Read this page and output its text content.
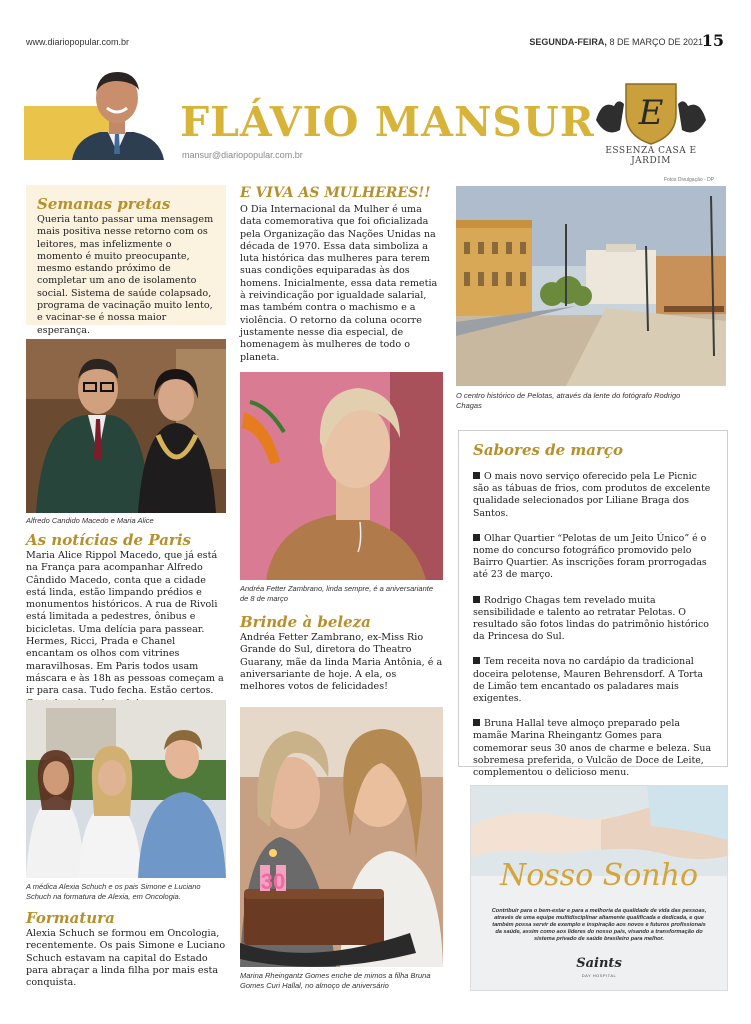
www.diariopopular.com.br	SEGUNDA-FEIRA, 8 DE MARÇO DE 2021
15
FLÁVIO MANSUR
mansur@diariopopular.com.br
E
ESSENZA CASA E JARDIM
Fotos Divulgação - DP
Semanas pretas
Queria tanto passar uma mensagem mais positiva nesse retorno com os leitores, mas infelizmente o momento é muito preocupante, mesmo estando próximo de completar um ano de isolamento social. Sistema de saúde colapsado, programa de vacinação muito lento, e vacinar-se é nossa maior esperança.
E VIVA AS MULHERES!!
O Dia Internacional da Mulher é uma data comemorativa que foi oficializada pela Organização das Nações Unidas na década de 1970. Essa data simboliza a luta histórica das mulheres para terem suas condições equiparadas às dos homens. Inicialmente, essa data remetia à reivindicação por igualdade salarial, mas também contra o machismo e a violência. O retorno da coluna ocorre justamente nesse dia especial, de homenagem às mulheres de todo o planeta.
O centro histórico de Pelotas, através da lente do fotógrafo Rodrigo Chagas
Alfredo Candido Macedo e Maria Alice
As notícias de Paris
Maria Alice Rippol Macedo, que já está na França para acompanhar Alfredo Cândido Macedo, conta que a cidade está linda, estão limpando prédios e monumentos históricos. A rua de Rivoli está limitada a pedestres, ônibus e bicicletas. Uma delícia para passear. Hermes, Ricci, Prada e Chanel encantam os olhos com vitrines maravilhosas. Em Paris todos usam máscara e às 18h as pessoas começam a ir para casa. Tudo fecha. Estão certos.
Andréa Fetter Zambrano, linda sempre, é a aniversariante de 8 de março
Brinde à beleza
Andréa Fetter Zambrano, ex-Miss Rio Grande do Sul, diretora do Theatro Guarany, mãe da linda Maria Antônia, é a aniversariante de hoje. A ela, os melhores votos de felicidades!
Sabores de março
O mais novo serviço oferecido pela Le Picnic são as tábuas de frios, com produtos de excelente qualidade selecionados por Liliane Braga dos Santos.
Olhar Quartier “Pelotas de um Jeito Único” é o nome do concurso fotográfico promovido pelo Bairro Quartier. As inscrições foram prorrogadas até 23 de março.
Rodrigo Chagas tem revelado muita sensibilidade e talento ao retratar Pelotas. O resultado são fotos lindas do patrimônio histórico da Princesa do Sul.
Tem receita nova no cardápio da tradicional doceira pelotense, Mauren Behrensdorf. A Torta de Limão tem encantado os paladares mais exigentes.
Bruna Hallal teve almoço preparado pela mamãe Marina Rheingantz Gomes para comemorar seus 30 anos de charme e beleza. Sua sobremesa preferida, o Vulcão de Doce de Leite, complementou o delicioso menu.
A médica Alexia Schuch e os pais Simone e Luciano Schuch na formatura de Alexia, em Oncologia.
Formatura
Alexia Schuch se formou em Oncologia, recentemente. Os pais Simone e Luciano Schuch estavam na capital do Estado para abraçar a linda filha por mais esta conquista.
30
Marina Rheingantz Gomes enche de mimos a filha Bruna Gomes Curi Hallal, no almoço de aniversário
Nosso Sonho
Contribuir para o bem-estar e para a melhoria da qualidade de vida das pessoas, através de uma equipe multidisciplinar altamente qualificada e dedicada, e que também possa servir de exemplo e inspiração aos novos e futuros profissionais da saúde, assim como aos líderes do nosso país, visando a transformação do sistema privado de saúde brasileiro para melhor.
Saints
DAY HOSPITAL
